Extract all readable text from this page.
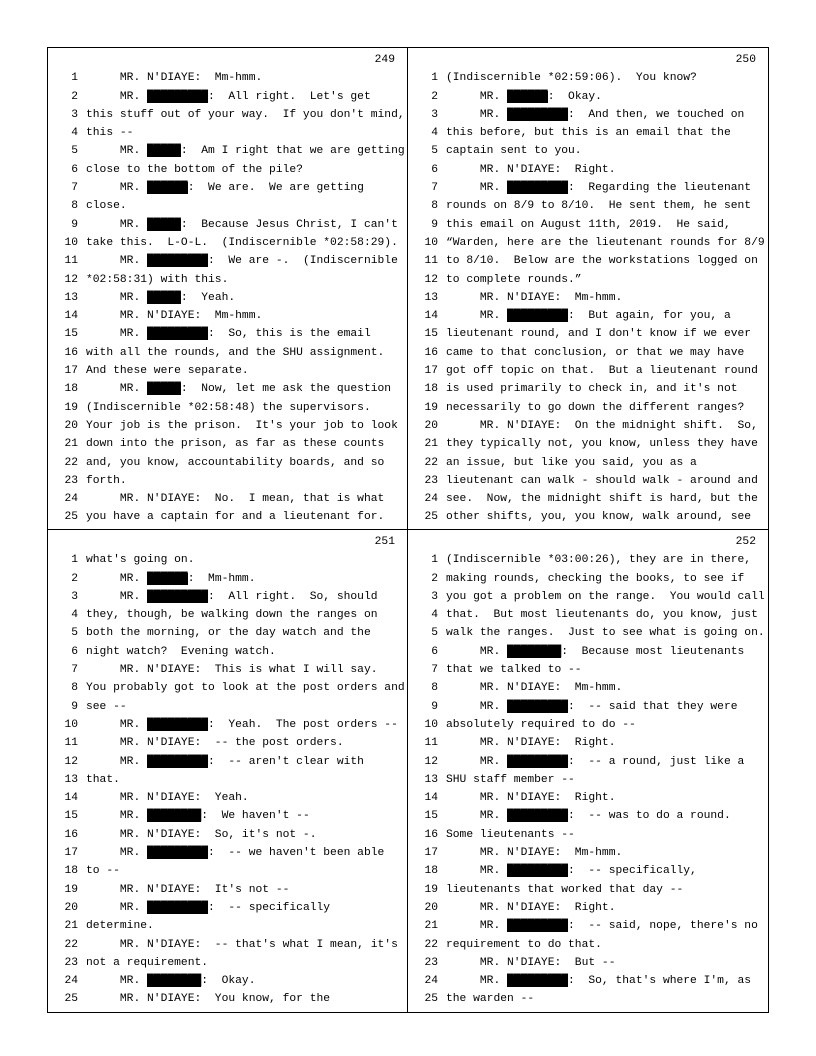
249
1 MR. N'DIAYE:  Mm-hmm.
2 MR. █████████:  All right.  Let's get
3 this stuff out of your way.  If you don't mind,
4 this --
5 MR. █████:  Am I right that we are getting
6 close to the bottom of the pile?
7 MR. ██████:  We are.  We are getting
8 close.
9 MR. █████:  Because Jesus Christ, I can't
10 take this.  L-O-L.  (Indiscernible *02:58:29).
11 MR. █████████:  We are -.  (Indiscernible
12 *02:58:31) with this.
13 MR. █████:  Yeah.
14 MR. N'DIAYE:  Mm-hmm.
15 MR. █████████:  So, this is the email
16 with all the rounds, and the SHU assignment.
17 And these were separate.
18 MR. █████:  Now, let me ask the question
19 (Indiscernible *02:58:48) the supervisors.
20 Your job is the prison.  It's your job to look
21 down into the prison, as far as these counts
22 and, you know, accountability boards, and so
23 forth.
24 MR. N'DIAYE:  No.  I mean, that is what
25 you have a captain for and a lieutenant for.
250
1 (Indiscernible *02:59:06).  You know?
2 MR. ██████:  Okay.
3 MR. █████████:  And then, we touched on
4 this before, but this is an email that the
5 captain sent to you.
6 MR. N'DIAYE:  Right.
7 MR. █████████:  Regarding the lieutenant
8 rounds on 8/9 to 8/10.  He sent them, he sent
9 this email on August 11th, 2019.  He said,
10 “Warden, here are the lieutenant rounds for 8/9
11 to 8/10.  Below are the workstations logged on
12 to complete rounds.”
13 MR. N'DIAYE:  Mm-hmm.
14 MR. █████████:  But again, for you, a
15 lieutenant round, and I don't know if we ever
16 came to that conclusion, or that we may have
17 got off topic on that.  But a lieutenant round
18 is used primarily to check in, and it's not
19 necessarily to go down the different ranges?
20 MR. N'DIAYE:  On the midnight shift.  So,
21 they typically not, you know, unless they have
22 an issue, but like you said, you as a
23 lieutenant can walk - should walk - around and
24 see.  Now, the midnight shift is hard, but the
25 other shifts, you, you know, walk around, see
251
1 what's going on.
2 MR. ██████:  Mm-hmm.
3 MR. █████████:  All right.  So, should
4 they, though, be walking down the ranges on
5 both the morning, or the day watch and the
6 night watch?  Evening watch.
7 MR. N'DIAYE:  This is what I will say.
8 You probably got to look at the post orders and
9 see --
10 MR. █████████:  Yeah.  The post orders --
11 MR. N'DIAYE:  -- the post orders.
12 MR. █████████:  -- aren't clear with
13 that.
14 MR. N'DIAYE:  Yeah.
15 MR. ████████:  We haven't --
16 MR. N'DIAYE:  So, it's not -.
17 MR. █████████:  -- we haven't been able
18 to --
19 MR. N'DIAYE:  It's not --
20 MR. █████████:  -- specifically
21 determine.
22 MR. N'DIAYE:  -- that's what I mean, it's
23 not a requirement.
24 MR. ████████:  Okay.
25 MR. N'DIAYE:  You know, for the
252
1 (Indiscernible *03:00:26), they are in there,
2 making rounds, checking the books, to see if
3 you got a problem on the range.  You would call
4 that.  But most lieutenants do, you know, just
5 walk the ranges.  Just to see what is going on.
6 MR. ████████:  Because most lieutenants
7 that we talked to --
8 MR. N'DIAYE:  Mm-hmm.
9 MR. █████████:  -- said that they were
10 absolutely required to do --
11 MR. N'DIAYE:  Right.
12 MR. █████████:  -- a round, just like a
13 SHU staff member --
14 MR. N'DIAYE:  Right.
15 MR. █████████:  -- was to do a round.
16 Some lieutenants --
17 MR. N'DIAYE:  Mm-hmm.
18 MR. █████████:  -- specifically,
19 lieutenants that worked that day --
20 MR. N'DIAYE:  Right.
21 MR. █████████:  -- said, nope, there's no
22 requirement to do that.
23 MR. N'DIAYE:  But --
24 MR. █████████:  So, that's where I'm, as
25 the warden --
